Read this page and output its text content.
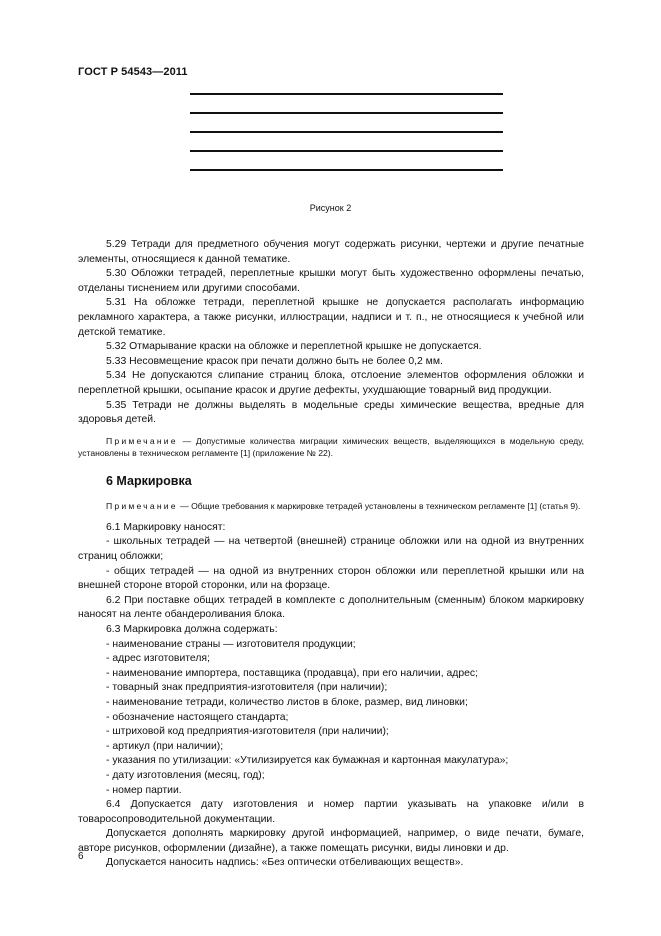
ГОСТ Р 54543—2011
Рисунок 2

5.29 Тетради для предметного обучения могут содержать рисунки, чертежи и другие печатные элементы, относящиеся к данной тематике.

5.30 Обложки тетрадей, переплетные крышки могут быть художественно оформлены печатью, отделаны тиснением или другими способами.

5.31 На обложке тетради, переплетной крышке не допускается располагать информацию рекламного характера, а также рисунки, иллюстрации, надписи и т. п., не относящиеся к учебной или детской тематике.

5.32 Отмарывание краски на обложке и переплетной крышке не допускается.

5.33 Несовмещение красок при печати должно быть не более 0,2 мм.

5.34 Не допускаются слипание страниц блока, отслоение элементов оформления обложки и переплетной крышки, осыпание красок и другие дефекты, ухудшающие товарный вид продукции.

5.35 Тетради не должны выделять в модельные среды химические вещества, вредные для здоровья детей.

Примечание — Допустимые количества миграции химических веществ, выделяющихся в модельную среду, установлены в техническом регламенте [1] (приложение № 22).

6 Маркировка

Примечание — Общие требования к маркировке тетрадей установлены в техническом регламенте [1] (статья 9).

6.1 Маркировку наносят:

- школьных тетрадей — на четвертой (внешней) странице обложки или на одной из внутренних страниц обложки;

- общих тетрадей — на одной из внутренних сторон обложки или переплетной крышки или на внешней стороне второй сторонки, или на форзаце.

6.2 При поставке общих тетрадей в комплекте с дополнительным (сменным) блоком маркировку наносят на ленте обандероливания блока.

6.3 Маркировка должна содержать:

- наименование страны — изготовителя продукции;

- адрес изготовителя;

- наименование импортера, поставщика (продавца), при его наличии, адрес;

- товарный знак предприятия-изготовителя (при наличии);

- наименование тетради, количество листов в блоке, размер, вид линовки;

- обозначение настоящего стандарта;

- штриховой код предприятия-изготовителя (при наличии);

- артикул (при наличии);

- указания по утилизации: «Утилизируется как бумажная и картонная макулатура»;

- дату изготовления (месяц, год);

- номер партии.

6.4 Допускается дату изготовления и номер партии указывать на упаковке и/или в товаросопроводительной документации.

Допускается дополнять маркировку другой информацией, например, о виде печати, бумаге, авторе рисунков, оформлении (дизайне), а также помещать рисунки, виды линовки и др.

Допускается наносить надпись: «Без оптически отбеливающих веществ».

6
